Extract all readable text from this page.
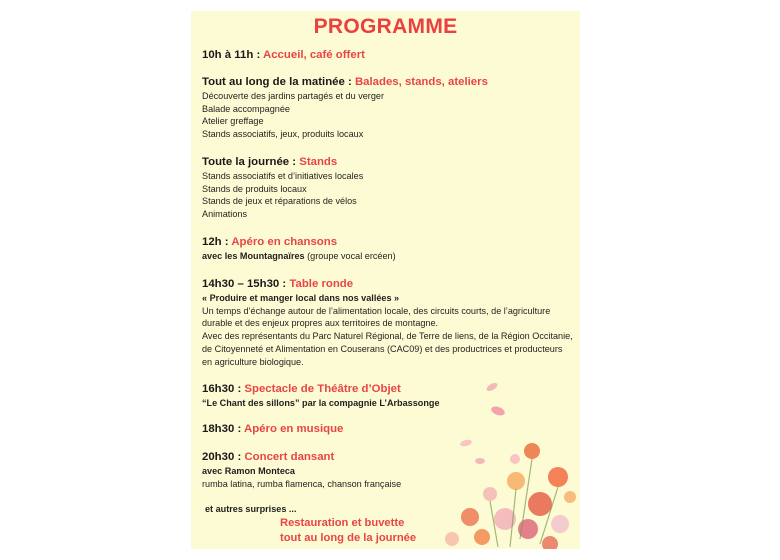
PROGRAMME
10h à 11h : Accueil, café offert
Tout au long de la matinée : Balades, stands, ateliers
Découverte des jardins partagés et du verger
Balade accompagnée
Atelier greffage
Stands associatifs, jeux, produits locaux
Toute la journée : Stands
Stands associatifs et d’initiatives locales
Stands de produits locaux
Stands de jeux et réparations de vélos
Animations
12h : Apéro en chansons
avec les Mountagnaïres (groupe vocal ercéen)
14h30 – 15h30 : Table ronde
« Produire et manger local dans nos vallées »
Un temps d’échange autour de l’alimentation locale, des circuits courts, de l’agriculture durable et des enjeux propres aux territoires de montagne.
Avec des représentants du Parc Naturel Régional, de Terre de liens, de la Région Occitanie, de Citoyenneté et Alimentation en Couserans (CAC09) et des productrices et producteurs en agriculture biologique.
16h30 : Spectacle de Théâtre d’Objet
“Le Chant des sillons” par la compagnie L’Arbassonge
18h30 : Apéro en musique
20h30 : Concert dansant
avec Ramon Monteca
rumba latina, rumba flamenca, chanson française
et autres surprises ...
Restauration et buvette
tout au long de la journée
